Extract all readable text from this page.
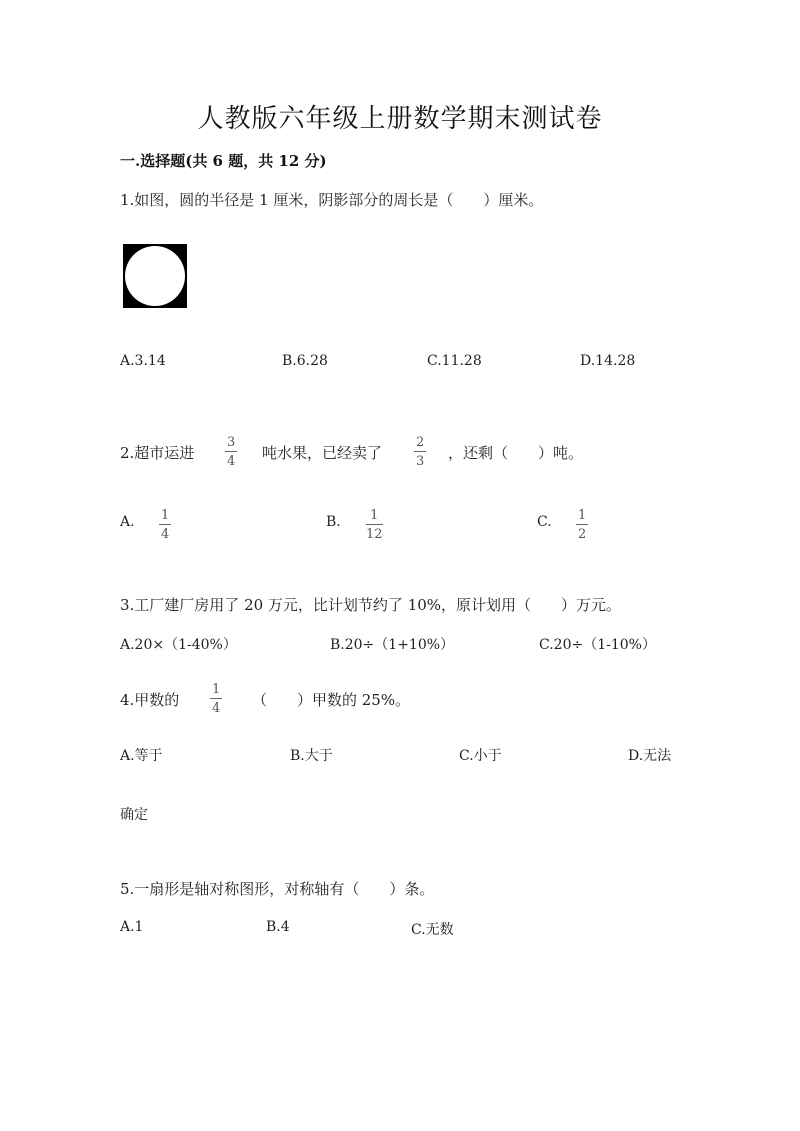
人教版六年级上册数学期末测试卷
一.选择题(共 6 题，共 12 分)
1.如图，圆的半径是 1 厘米，阴影部分的周长是（　　）厘米。
A.3.14	B.6.28	C.11.28	D.14.28
2.超市运进
3
4 吨水果，已经卖了
2
3 ，还剩（　　）吨。
A. 1
4
B. 1
12
C. 1
2
3.工厂建厂房用了 20 万元，比计划节约了 10%，原计划用（　　）万元。
A.20×（1-40%）	B.20÷（1+10%）	C.20÷（1-10%）
4.甲数的
1
4 （　　）甲数的 25%。
A.等于	B.大于	C.小于	D.无法
确定
5.一扇形是轴对称图形，对称轴有（　　）条。
A.1	B.4	C.无数
